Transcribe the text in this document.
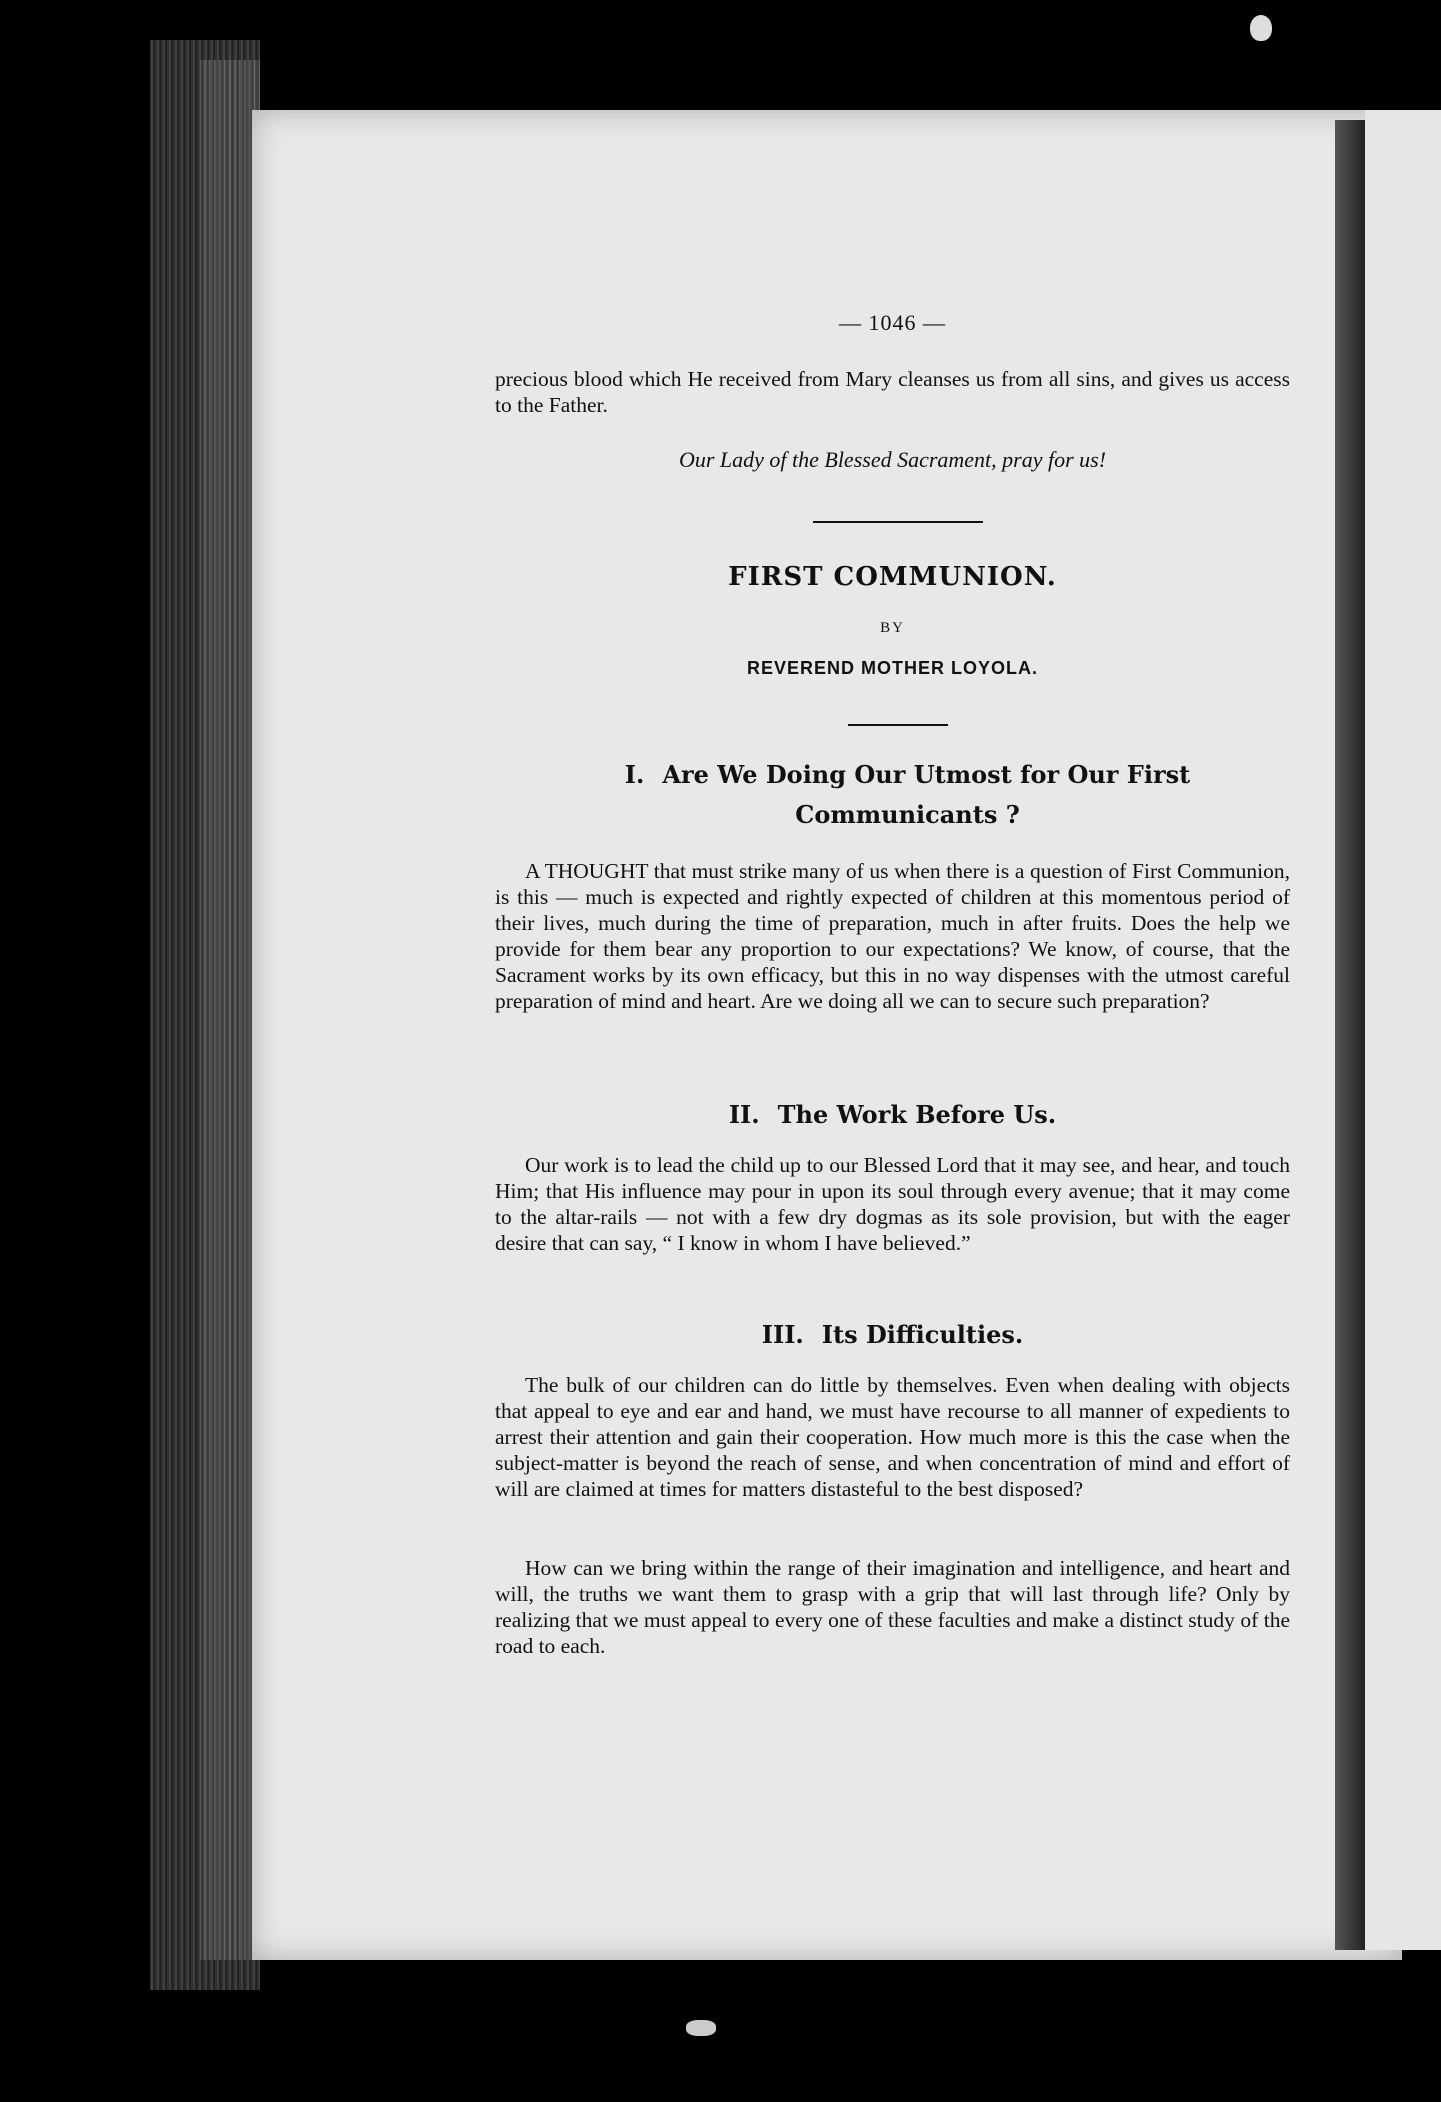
— 1046 —

precious blood which He received from Mary cleanses us from all sins, and gives us access to the Father.

Our Lady of the Blessed Sacrament, pray for us!
FIRST COMMUNION.
BY
REVEREND MOTHER LOYOLA.
I. Are We Doing Our Utmost for Our First Communicants ?

A THOUGHT that must strike many of us when there is a question of First Communion, is this — much is expected and rightly expected of children at this momentous period of their lives, much during the time of preparation, much in after fruits. Does the help we provide for them bear any proportion to our expectations? We know, of course, that the Sacrament works by its own efficacy, but this in no way dispenses with the utmost careful preparation of mind and heart. Are we doing all we can to secure such preparation?

II. The Work Before Us.

Our work is to lead the child up to our Blessed Lord that it may see, and hear, and touch Him; that His influence may pour in upon its soul through every avenue; that it may come to the altar-rails — not with a few dry dogmas as its sole provision, but with the eager desire that can say, “ I know in whom I have believed.”

III. Its Difficulties.

The bulk of our children can do little by themselves. Even when dealing with objects that appeal to eye and ear and hand, we must have recourse to all manner of expedients to arrest their attention and gain their cooperation. How much more is this the case when the subject-matter is beyond the reach of sense, and when concentration of mind and effort of will are claimed at times for matters distasteful to the best disposed?

How can we bring within the range of their imagination and intelligence, and heart and will, the truths we want them to grasp with a grip that will last through life? Only by realizing that we must appeal to every one of these faculties and make a distinct study of the road to each.
